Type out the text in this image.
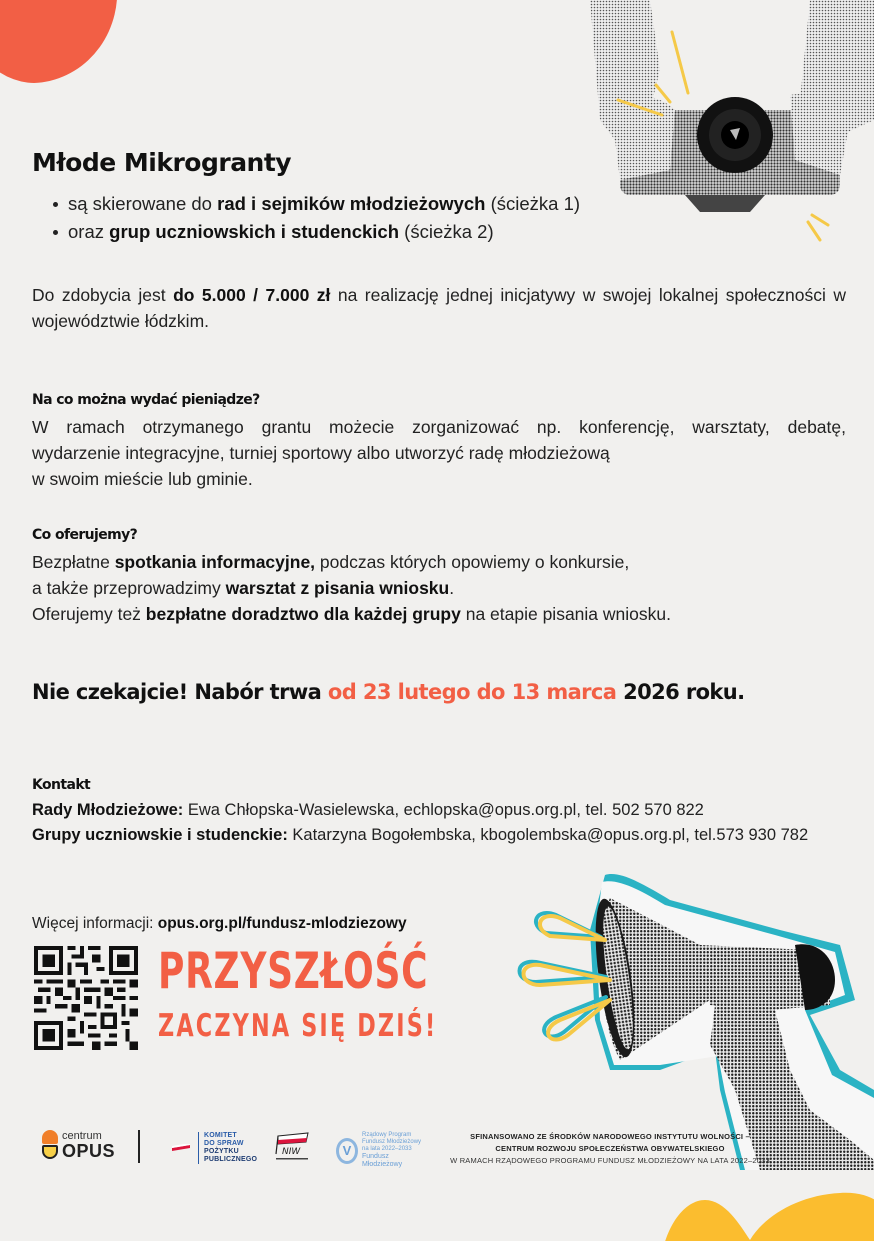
Młode Mikrogranty
są skierowane do rad i sejmików młodzieżowych (ścieżka 1)
oraz grup uczniowskich i studenckich (ścieżka 2)

Do zdobycia jest do 5.000 / 7.000 zł na realizację jednej inicjatywy w swojej lokalnej społeczności w województwie łódzkim.

Na co można wydać pieniądze?

W ramach otrzymanego grantu możecie zorganizować np. konferencję, warsztaty, debatę,
wydarzenie integracyjne, turniej sportowy albo utworzyć radę młodzieżową
w swoim mieście lub gminie.

Co oferujemy?

Bezpłatne spotkania informacyjne, podczas których opowiemy o konkursie,
a także przeprowadzimy warsztat z pisania wniosku.
Oferujemy też bezpłatne doradztwo dla każdej grupy na etapie pisania wniosku.

Nie czekajcie! Nabór trwa od 23 lutego do 13 marca 2026 roku.
Kontakt
Rady Młodzieżowe: Ewa Chłopska-Wasielewska, echlopska@opus.org.pl, tel. 502 570 822
Grupy uczniowskie i studenckie: Katarzyna Bogołembska, kbogolembska@opus.org.pl, tel.573 930 782
Więcej informacji: opus.org.pl/fundusz-mlodziezowy
PRZYSZŁOŚĆ
ZACZYNA SIĘ DZIŚ!
centrum
OPUS
KOMITET
DO SPRAW
POŻYTKU
PUBLICZNEGO
NIW	V
Rządowy Program
Fundusz Młodzieżowy
na lata 2022–2033
Fundusz
Młodzieżowy
SFINANSOWANO ZE ŚRODKÓW NARODOWEGO INSTYTUTU WOLNOŚCI –
CENTRUM ROZWOJU SPOŁECZEŃSTWA OBYWATELSKIEGO
W RAMACH RZĄDOWEGO PROGRAMU FUNDUSZ MŁODZIEŻOWY NA LATA 2022–2033
